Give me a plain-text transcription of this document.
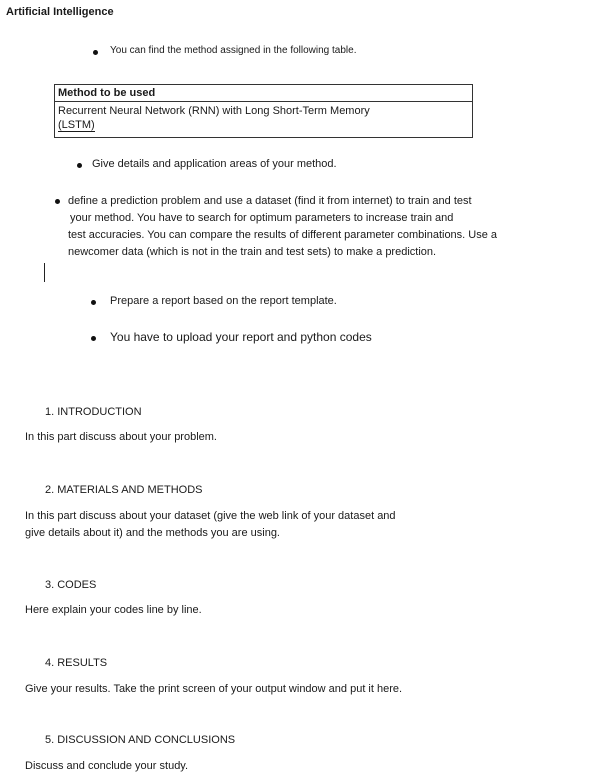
Artificial Intelligence
You can find the method assigned in the following table.
Method to be used
Recurrent Neural Network (RNN) with Long Short-Term Memory
(LSTM)
Give details and application areas of your method.
define a prediction problem and use a dataset (find it from internet) to train and test
your method. You have to search for optimum parameters to increase train and
test accuracies. You can compare the results of different parameter combinations. Use a
newcomer data (which is not in the train and test sets) to make a prediction.
Prepare a report based on the report template.
You have to upload your report and python codes
1. INTRODUCTION
In this part discuss about your problem.
2. MATERIALS AND METHODS
In this part discuss about your dataset (give the web link of your dataset and
give details about it) and the methods you are using.
3. CODES
Here explain your codes line by line.
4. RESULTS
Give your results. Take the print screen of your output window and put it here.
5. DISCUSSION AND CONCLUSIONS
Discuss and conclude your study.
